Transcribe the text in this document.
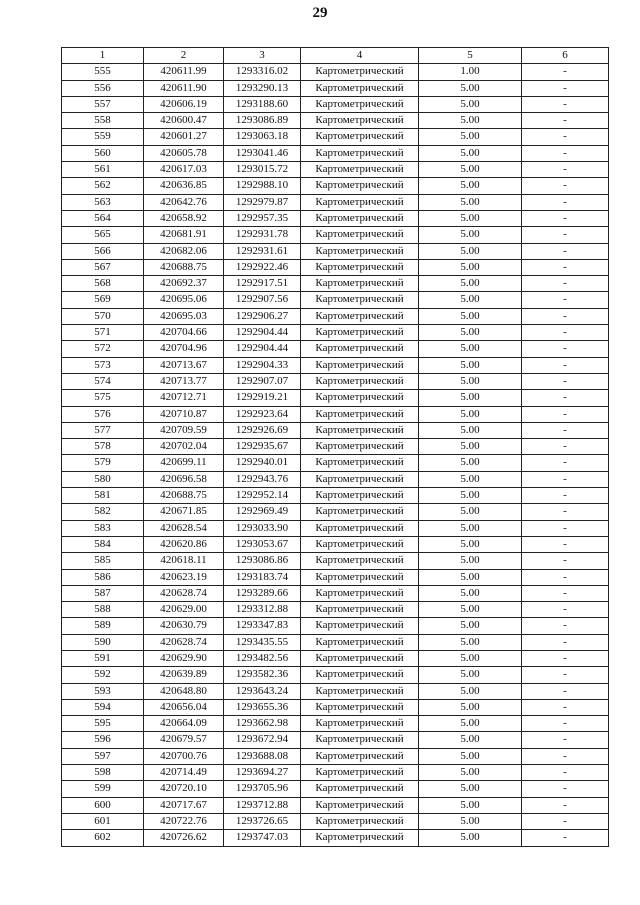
29
1	2	3	4	5	6
555	420611.99	1293316.02	Картометрический	1.00	-
556	420611.90	1293290.13	Картометрический	5.00	-
557	420606.19	1293188.60	Картометрический	5.00	-
558	420600.47	1293086.89	Картометрический	5.00	-
559	420601.27	1293063.18	Картометрический	5.00	-
560	420605.78	1293041.46	Картометрический	5.00	-
561	420617.03	1293015.72	Картометрический	5.00	-
562	420636.85	1292988.10	Картометрический	5.00	-
563	420642.76	1292979.87	Картометрический	5.00	-
564	420658.92	1292957.35	Картометрический	5.00	-
565	420681.91	1292931.78	Картометрический	5.00	-
566	420682.06	1292931.61	Картометрический	5.00	-
567	420688.75	1292922.46	Картометрический	5.00	-
568	420692.37	1292917.51	Картометрический	5.00	-
569	420695.06	1292907.56	Картометрический	5.00	-
570	420695.03	1292906.27	Картометрический	5.00	-
571	420704.66	1292904.44	Картометрический	5.00	-
572	420704.96	1292904.44	Картометрический	5.00	-
573	420713.67	1292904.33	Картометрический	5.00	-
574	420713.77	1292907.07	Картометрический	5.00	-
575	420712.71	1292919.21	Картометрический	5.00	-
576	420710.87	1292923.64	Картометрический	5.00	-
577	420709.59	1292926.69	Картометрический	5.00	-
578	420702.04	1292935.67	Картометрический	5.00	-
579	420699.11	1292940.01	Картометрический	5.00	-
580	420696.58	1292943.76	Картометрический	5.00	-
581	420688.75	1292952.14	Картометрический	5.00	-
582	420671.85	1292969.49	Картометрический	5.00	-
583	420628.54	1293033.90	Картометрический	5.00	-
584	420620.86	1293053.67	Картометрический	5.00	-
585	420618.11	1293086.86	Картометрический	5.00	-
586	420623.19	1293183.74	Картометрический	5.00	-
587	420628.74	1293289.66	Картометрический	5.00	-
588	420629.00	1293312.88	Картометрический	5.00	-
589	420630.79	1293347.83	Картометрический	5.00	-
590	420628.74	1293435.55	Картометрический	5.00	-
591	420629.90	1293482.56	Картометрический	5.00	-
592	420639.89	1293582.36	Картометрический	5.00	-
593	420648.80	1293643.24	Картометрический	5.00	-
594	420656.04	1293655.36	Картометрический	5.00	-
595	420664.09	1293662.98	Картометрический	5.00	-
596	420679.57	1293672.94	Картометрический	5.00	-
597	420700.76	1293688.08	Картометрический	5.00	-
598	420714.49	1293694.27	Картометрический	5.00	-
599	420720.10	1293705.96	Картометрический	5.00	-
600	420717.67	1293712.88	Картометрический	5.00	-
601	420722.76	1293726.65	Картометрический	5.00	-
602	420726.62	1293747.03	Картометрический	5.00	-
